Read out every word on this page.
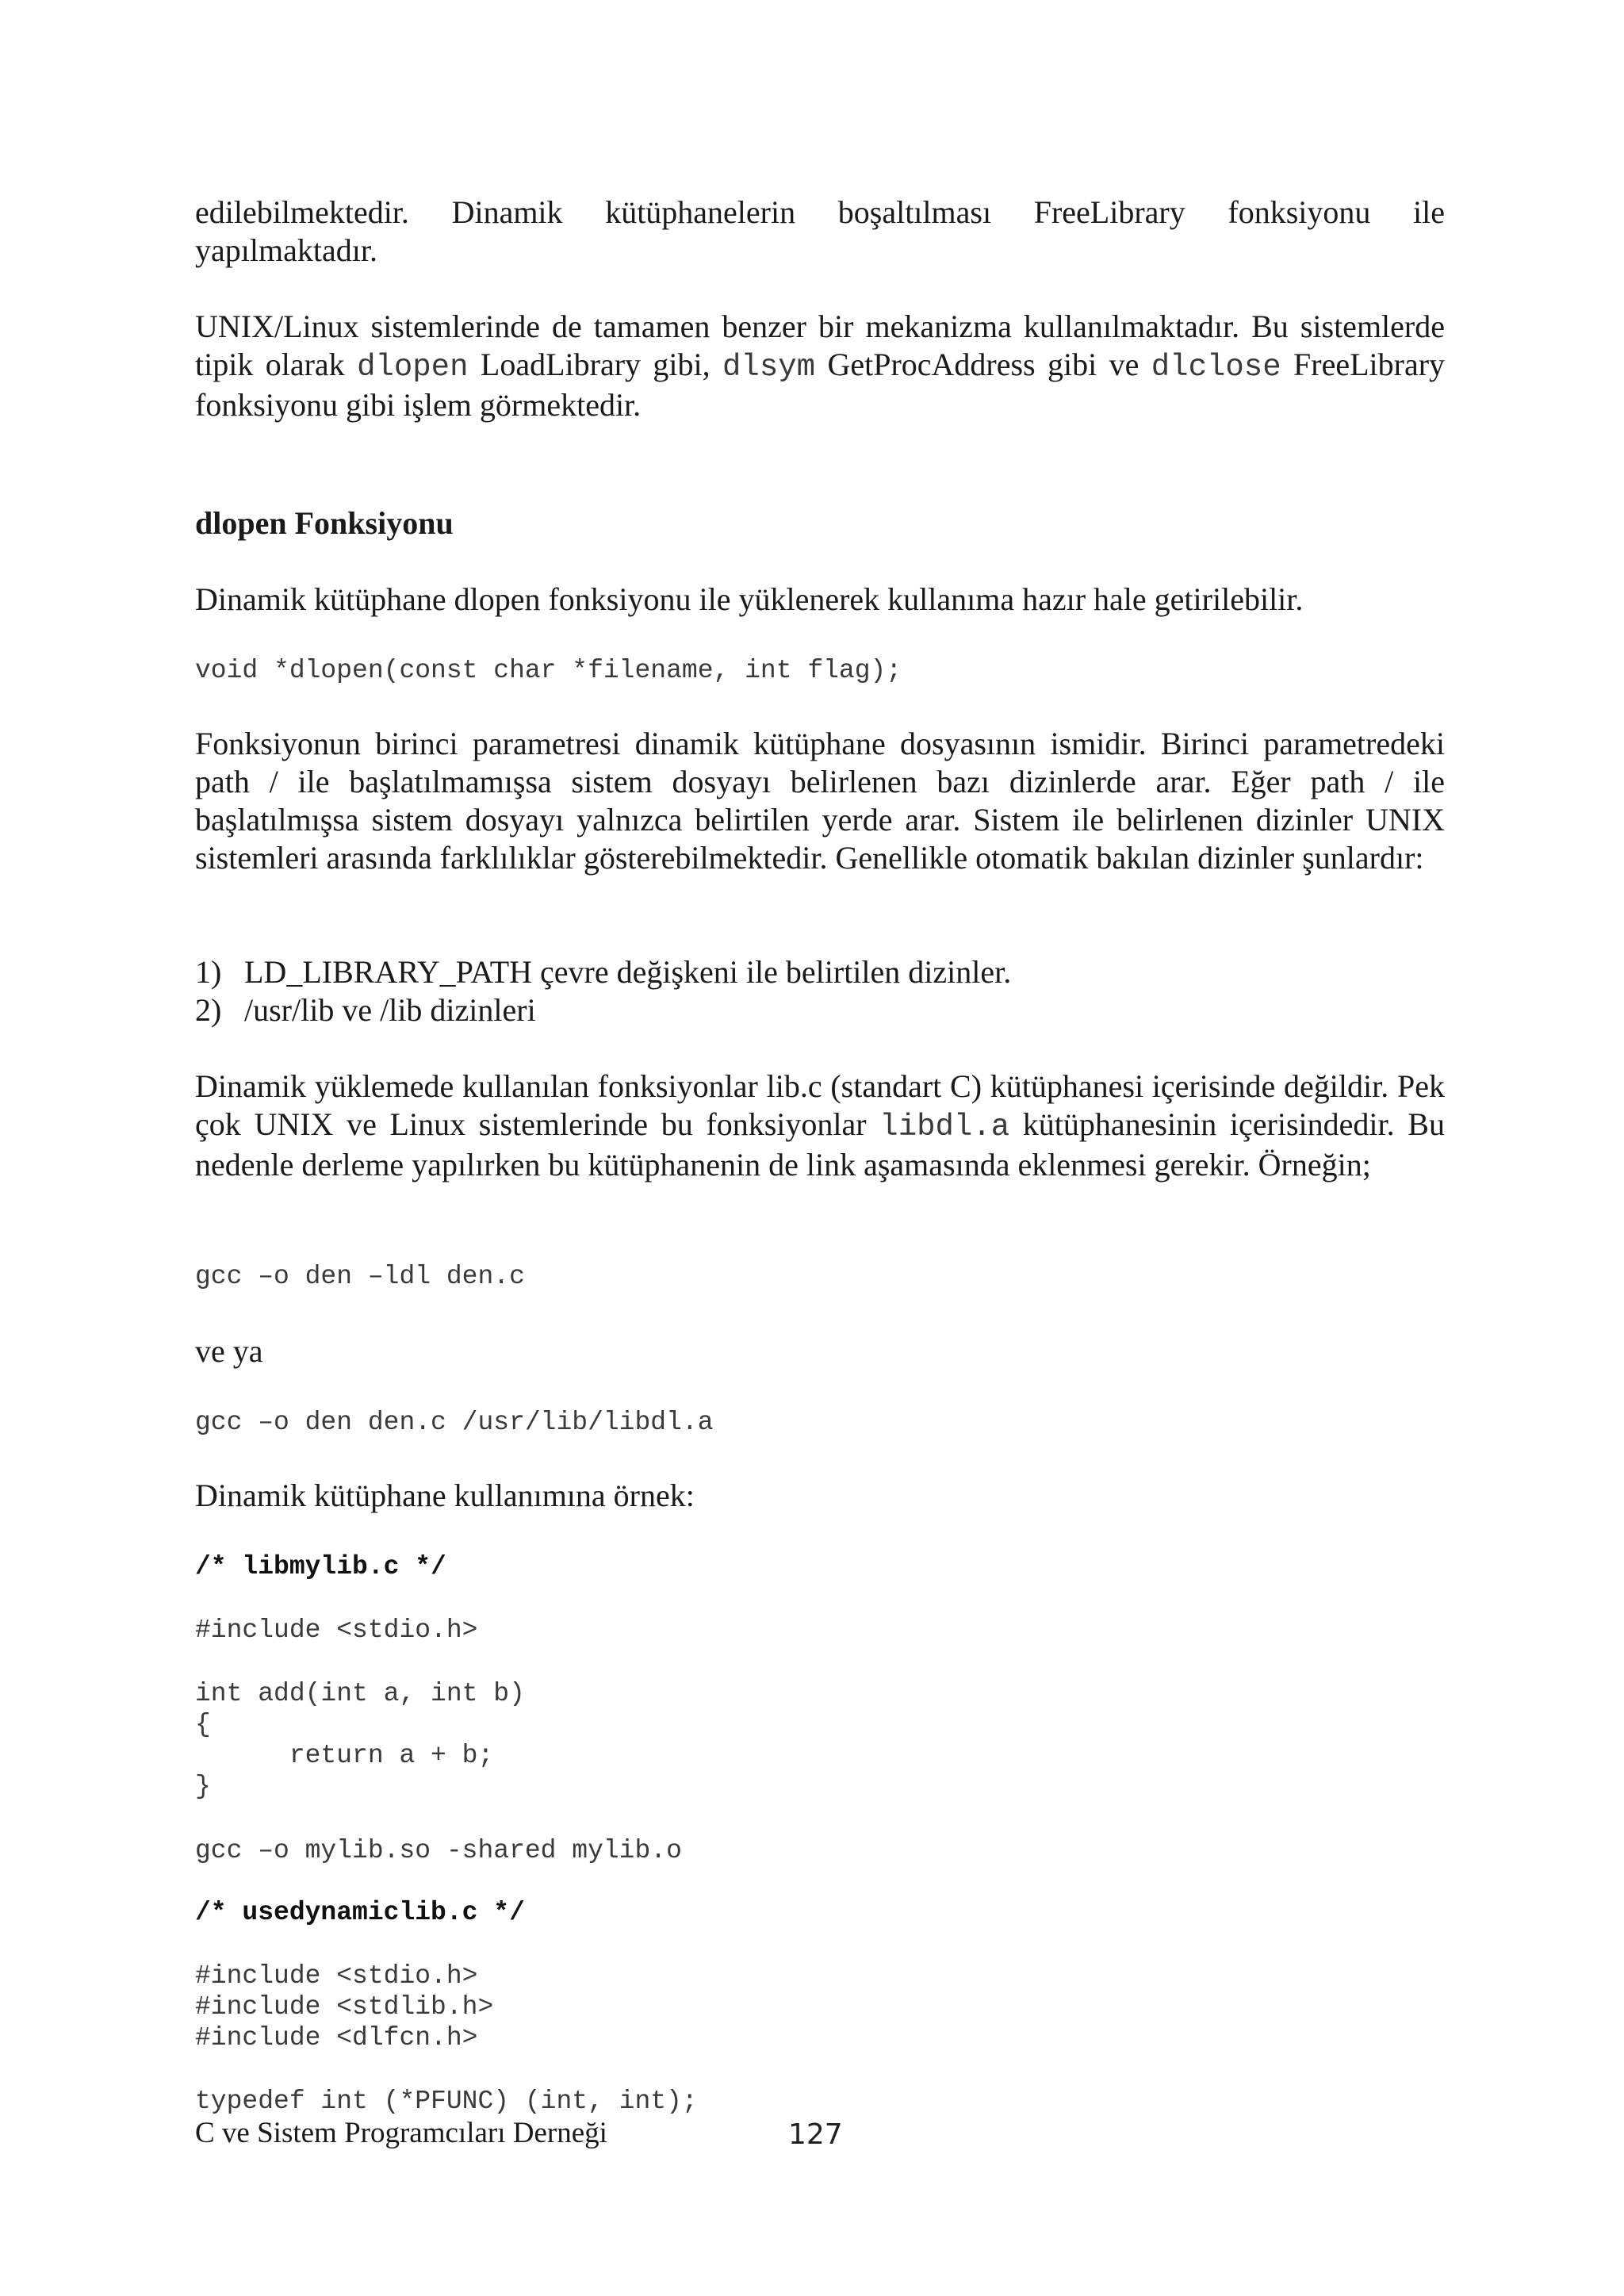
edilebilmektedir. Dinamik kütüphanelerin boşaltılması FreeLibrary fonksiyonu ile

yapılmaktadır.

UNIX/Linux sistemlerinde de tamamen benzer bir mekanizma kullanılmaktadır. Bu sistemlerde tipik olarak dlopen LoadLibrary gibi, dlsym GetProcAddress gibi ve dlclose FreeLibrary fonksiyonu gibi işlem görmektedir.

dlopen Fonksiyonu

Dinamik kütüphane dlopen fonksiyonu ile yüklenerek kullanıma hazır hale getirilebilir.

void *dlopen(const char *filename, int flag);

Fonksiyonun birinci parametresi dinamik kütüphane dosyasının ismidir. Birinci parametredeki path / ile başlatılmamışsa sistem dosyayı belirlenen bazı dizinlerde arar. Eğer path / ile başlatılmışsa sistem dosyayı yalnızca belirtilen yerde arar. Sistem ile belirlenen dizinler UNIX sistemleri arasında farklılıklar gösterebilmektedir. Genellikle otomatik bakılan dizinler şunlardır:

1) LD_LIBRARY_PATH çevre değişkeni ile belirtilen dizinler.
2) /usr/lib ve /lib dizinleri

Dinamik yüklemede kullanılan fonksiyonlar lib.c (standart C) kütüphanesi içerisinde değildir. Pek çok UNIX ve Linux sistemlerinde bu fonksiyonlar libdl.a kütüphanesinin içerisindedir. Bu nedenle derleme yapılırken bu kütüphanenin de link aşamasında eklenmesi gerekir. Örneğin;

gcc –o den –ldl den.c

ve ya

gcc –o den den.c /usr/lib/libdl.a

Dinamik kütüphane kullanımına örnek:

/* libmylib.c */
#include <stdio.h>
int add(int a, int b)
{
return a + b;
}
gcc –o mylib.so -shared mylib.o
/* usedynamiclib.c */
#include <stdio.h>
#include <stdlib.h>
#include <dlfcn.h>
typedef int (*PFUNC) (int, int);

C ve Sistem Programcıları Derneği	127
